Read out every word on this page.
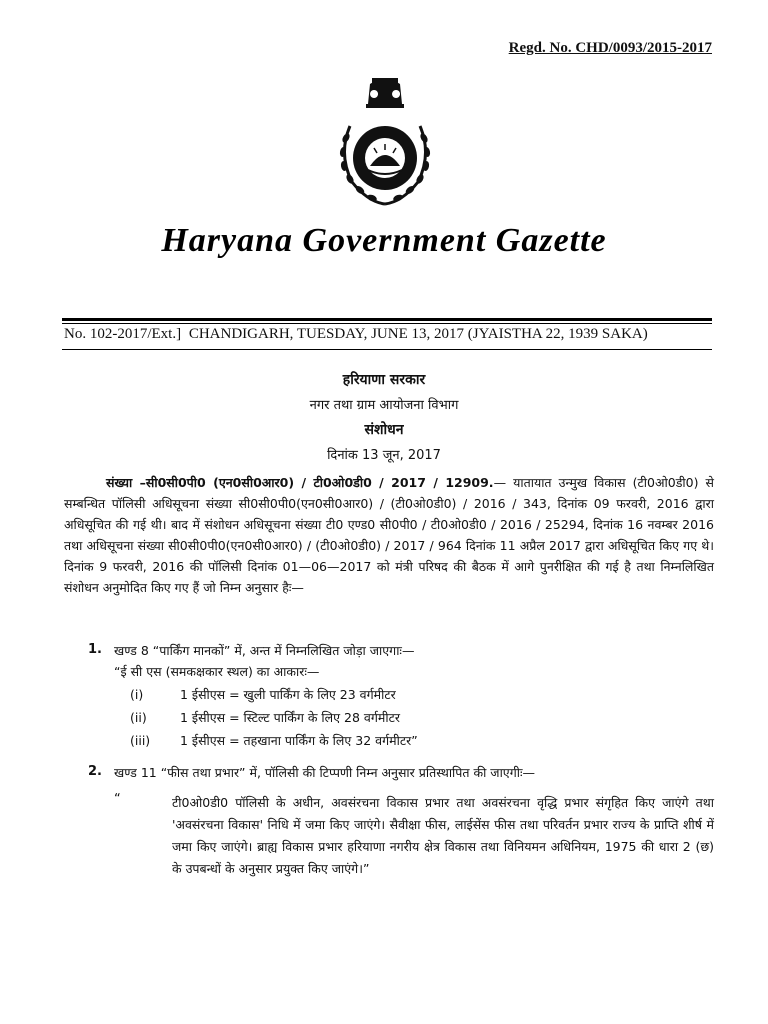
Regd. No. CHD/0093/2015-2017
Haryana Government Gazette
No. 102-2017/Ext.] CHANDIGARH, TUESDAY, JUNE 13, 2017 (JYAISTHA 22, 1939 SAKA)
हरियाणा सरकार
नगर तथा ग्राम आयोजना विभाग
संशोधन
दिनांक 13 जून, 2017
संख्या –सी0सी0पी0 (एन0सी0आर0) / टी0ओ0डी0 / 2017 / 12909.— यातायात उन्मुख विकास (टी0ओ0डी0) से सम्बन्धित पॉलिसी अधिसूचना संख्या सी0सी0पी0(एन0सी0आर0) / (टी0ओ0डी0) / 2016 / 343, दिनांक 09 फरवरी, 2016 द्वारा अधिसूचित की गई थी। बाद में संशोधन अधिसूचना संख्या टी0 एण्ड0 सी0पी0 / टी0ओ0डी0 / 2016 / 25294, दिनांक 16 नवम्बर 2016 तथा अधिसूचना संख्या सी0सी0पी0(एन0सी0आर0) / (टी0ओ0डी0) / 2017 / 964 दिनांक 11 अप्रैल 2017 द्वारा अधिसूचित किए गए थे। दिनांक 9 फरवरी, 2016 की पॉलिसी दिनांक 01—06—2017 को मंत्री परिषद की बैठक में आगे पुनरीक्षित की गई है तथा निम्नलिखित संशोधन अनुमोदित किए गए हैं जो निम्न अनुसार हैः—
1. खण्ड 8 “पार्किंग मानकों” में, अन्त में निम्नलिखित जोड़ा जाएगाः—
“ई सी एस (समकक्षकार स्थल) का आकारः—
(i)	1 ईसीएस = खुली पार्किंग के लिए 23 वर्गमीटर
(ii)	1 ईसीएस = स्टिल्ट पार्किंग के लिए 28 वर्गमीटर
(iii) 1 ईसीएस = तहखाना पार्किंग के लिए 32 वर्गमीटर”
2. खण्ड 11 “फीस तथा प्रभार” में, पॉलिसी की टिप्पणी निम्न अनुसार प्रतिस्थापित की जाएगीः—
“	टी0ओ0डी0 पॉलिसी के अधीन, अवसंरचना विकास प्रभार तथा अवसंरचना वृद्धि प्रभार संगृहित किए जाएंगे तथा 'अवसंरचना विकास' निधि में जमा किए जाएंगे। सैवीक्षा फीस, लाईसेंस फीस तथा परिवर्तन प्रभार राज्य के प्राप्ति शीर्ष में जमा किए जाएंगे। ब्राह्य विकास प्रभार हरियाणा नगरीय क्षेत्र विकास तथा विनियमन अधिनियम, 1975 की धारा 2 (छ) के उपबन्धों के अनुसार प्रयुक्त किए जाएंगे।”
